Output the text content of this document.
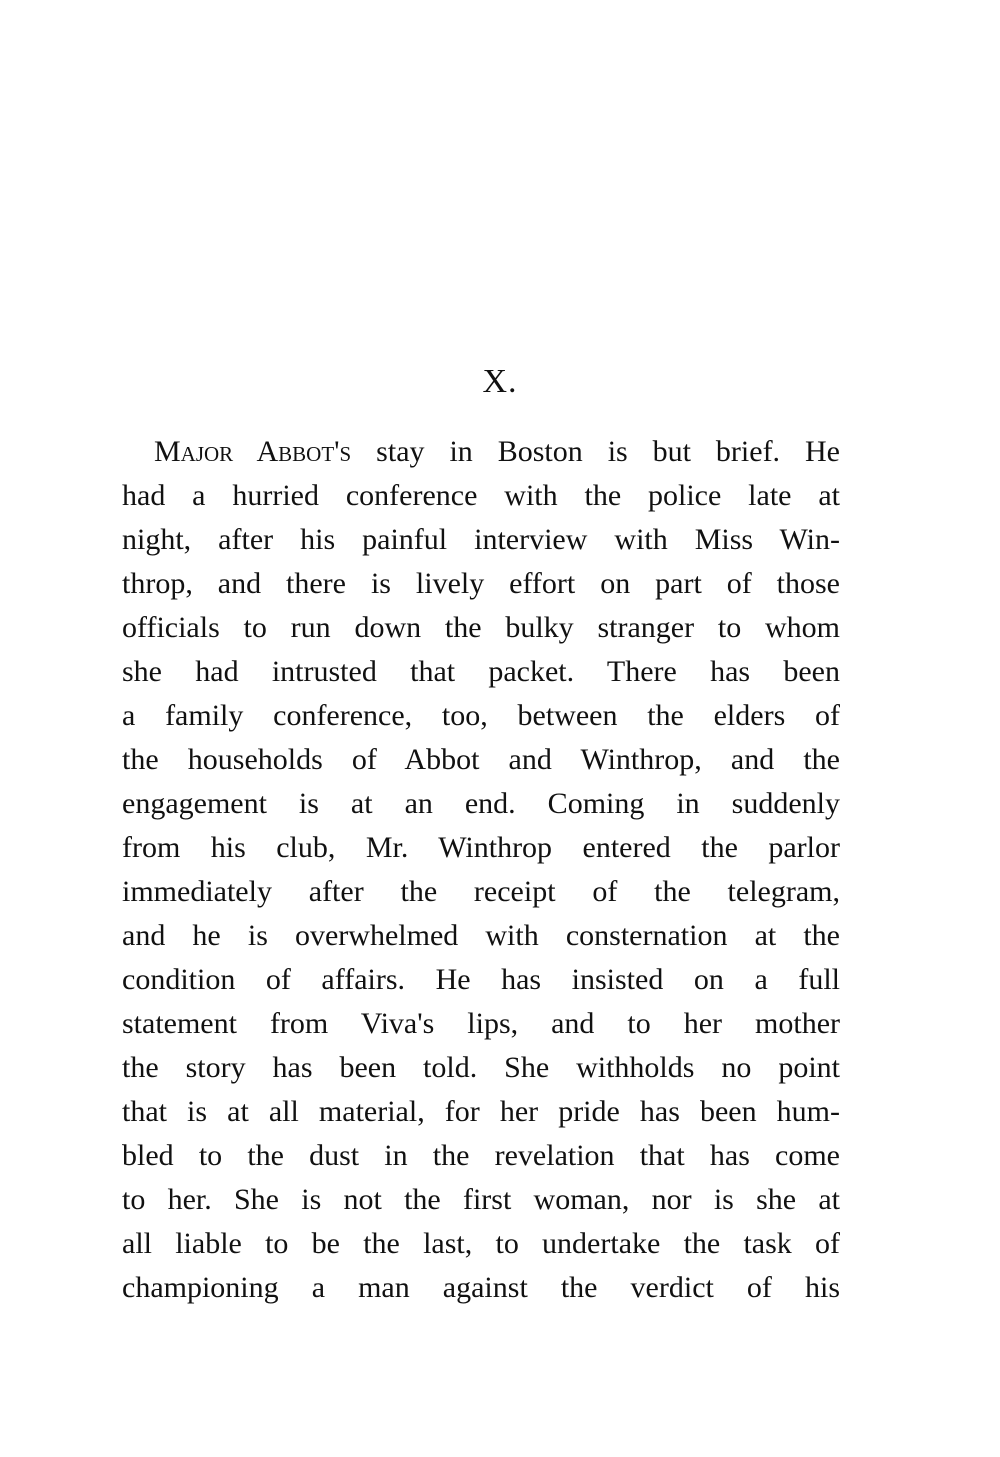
X.
Major Abbot's stay in Boston is but brief. He
had a hurried conference with the police late at
night, after his painful interview with Miss Win-
throp, and there is lively effort on part of those
officials to run down the bulky stranger to whom
she had intrusted that packet. There has been
a family conference, too, between the elders of
the households of Abbot and Winthrop, and the
engagement is at an end. Coming in suddenly
from his club, Mr. Winthrop entered the parlor
immediately after the receipt of the telegram,
and he is overwhelmed with consternation at the
condition of affairs. He has insisted on a full
statement from Viva's lips, and to her mother
the story has been told. She withholds no point
that is at all material, for her pride has been hum-
bled to the dust in the revelation that has come
to her. She is not the first woman, nor is she at
all liable to be the last, to undertake the task of
championing a man against the verdict of his
